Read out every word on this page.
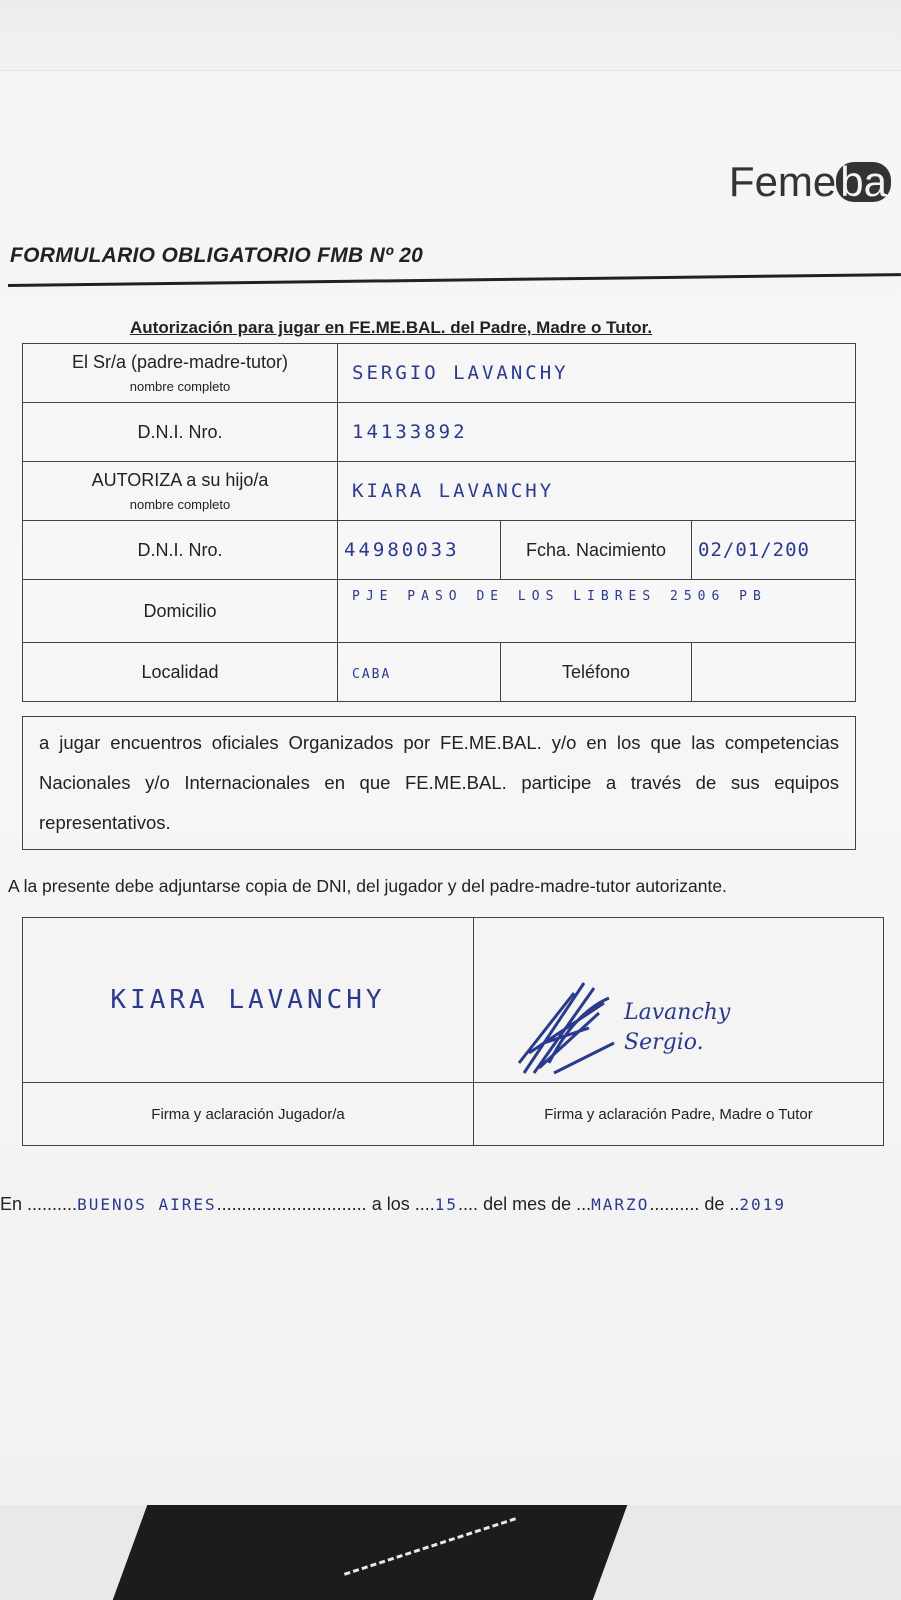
Femeba
FORMULARIO OBLIGATORIO FMB Nº 20
Autorización para jugar en FE.ME.BAL. del Padre, Madre o Tutor.
El Sr/a (padre-madre-tutor)
nombre completo	SERGIO LAVANCHY		
D.N.I. Nro.	14133892		
AUTORIZA a su hijo/a
nombre completo	KIARA LAVANCHY		
D.N.I. Nro.	44980033	Fcha. Nacimiento	02/01/200
Domicilio	PJE PASO DE LOS LIBRES 2506 PB		
Localidad	CABA	Teléfono	
a jugar encuentros oficiales Organizados por FE.ME.BAL. y/o en los que las competencias Nacionales y/o Internacionales en que FE.ME.BAL. participe a través de sus equipos representativos.
A la presente debe adjuntarse copia de DNI, del jugador y del padre-madre-tutor autorizante.
KIARA LAVANCHY	Lavanchy
Sergio.

Firma y aclaración Jugador/a	Firma y aclaración Padre, Madre o Tutor
En ..........BUENOS AIRES.............................. a los ....15.... del mes de ...MARZO.......... de ..2019
